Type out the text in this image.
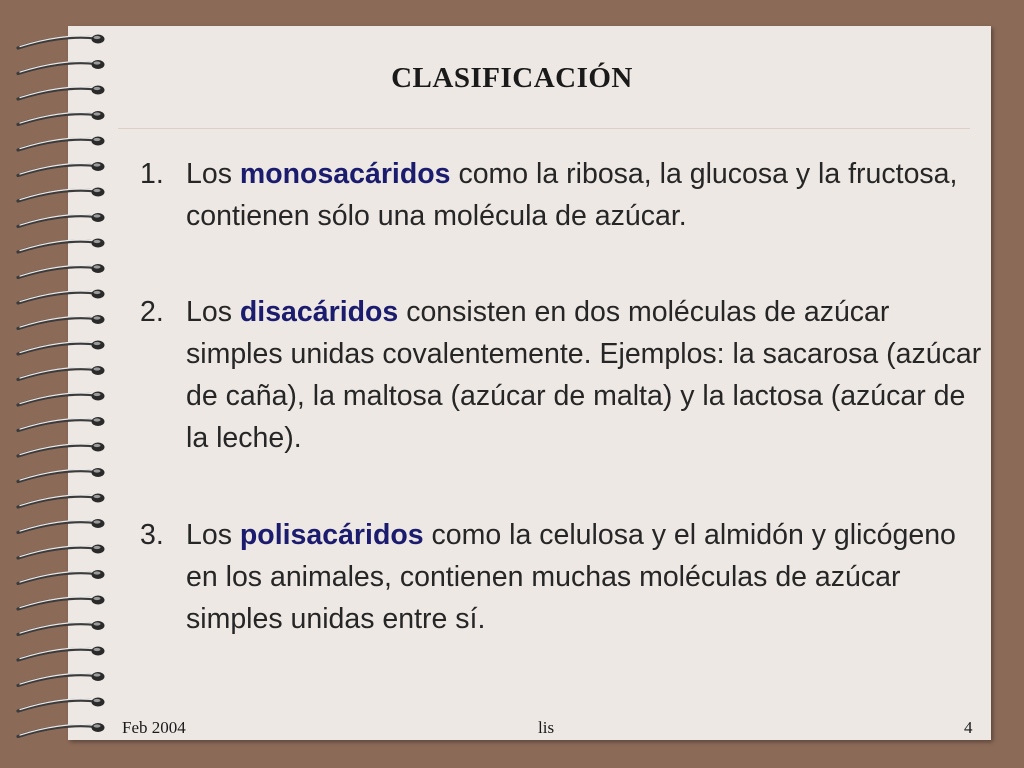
CLASIFICACIÓN

1. Los monosacáridos como la ribosa, la glucosa y la fructosa, contienen sólo una molécula de azúcar.

2. Los disacáridos consisten en dos moléculas de azúcar simples unidas covalentemente. Ejemplos: la sacarosa (azúcar de caña), la maltosa (azúcar de malta) y la lactosa (azúcar de la leche).

3. Los polisacáridos como la celulosa y el almidón y glicógeno en los animales, contienen muchas moléculas de azúcar simples unidas entre sí.

Feb 2004	lis	4
